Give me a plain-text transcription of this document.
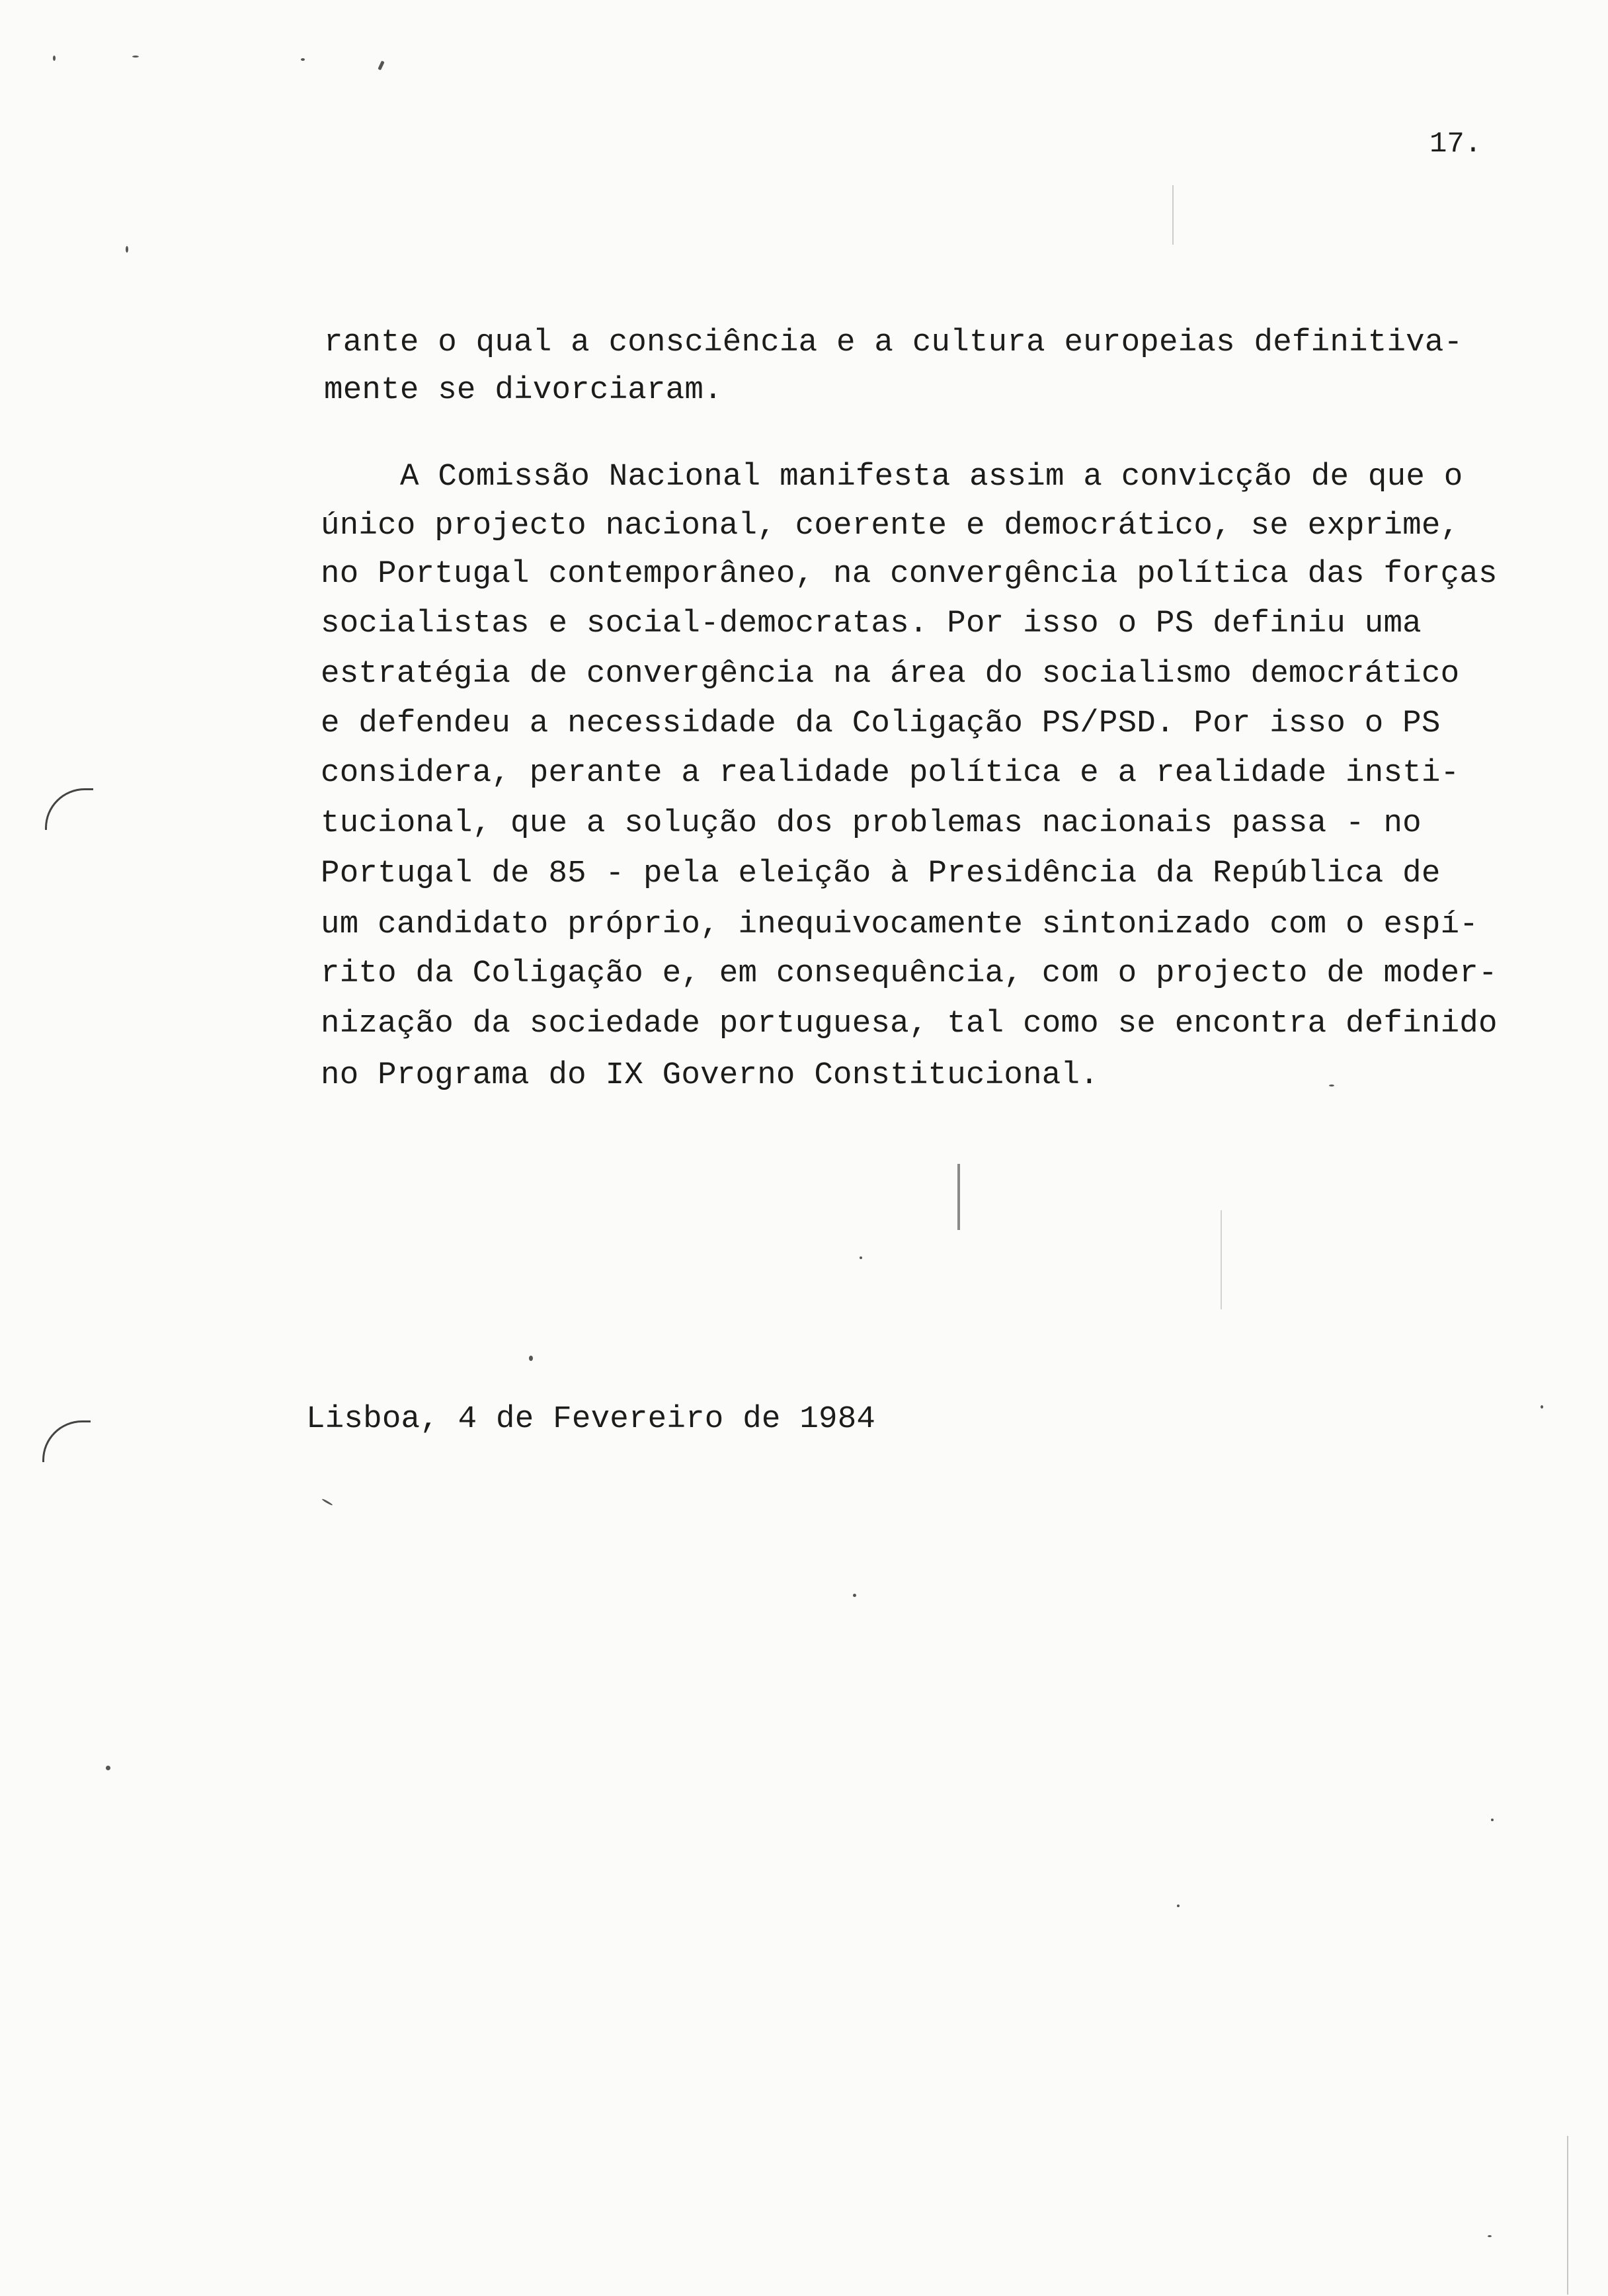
17.
rante o qual a consciência e a cultura europeias definitiva-
mente se divorciaram.
A Comissão Nacional manifesta assim a convicção de que o
único projecto nacional, coerente e democrático, se exprime,
no Portugal contemporâneo, na convergência política das forças
socialistas e social-democratas. Por isso o PS definiu uma
estratégia de convergência na área do socialismo democrático
e defendeu a necessidade da Coligação PS/PSD. Por isso o PS
considera, perante a realidade política e a realidade insti-
tucional, que a solução dos problemas nacionais passa - no
Portugal de 85 - pela eleição à Presidência da República de
um candidato próprio, inequivocamente sintonizado com o espí-
rito da Coligação e, em consequência, com o projecto de moder-
nização da sociedade portuguesa, tal como se encontra definido
no Programa do IX Governo Constitucional.
Lisboa, 4 de Fevereiro de 1984
